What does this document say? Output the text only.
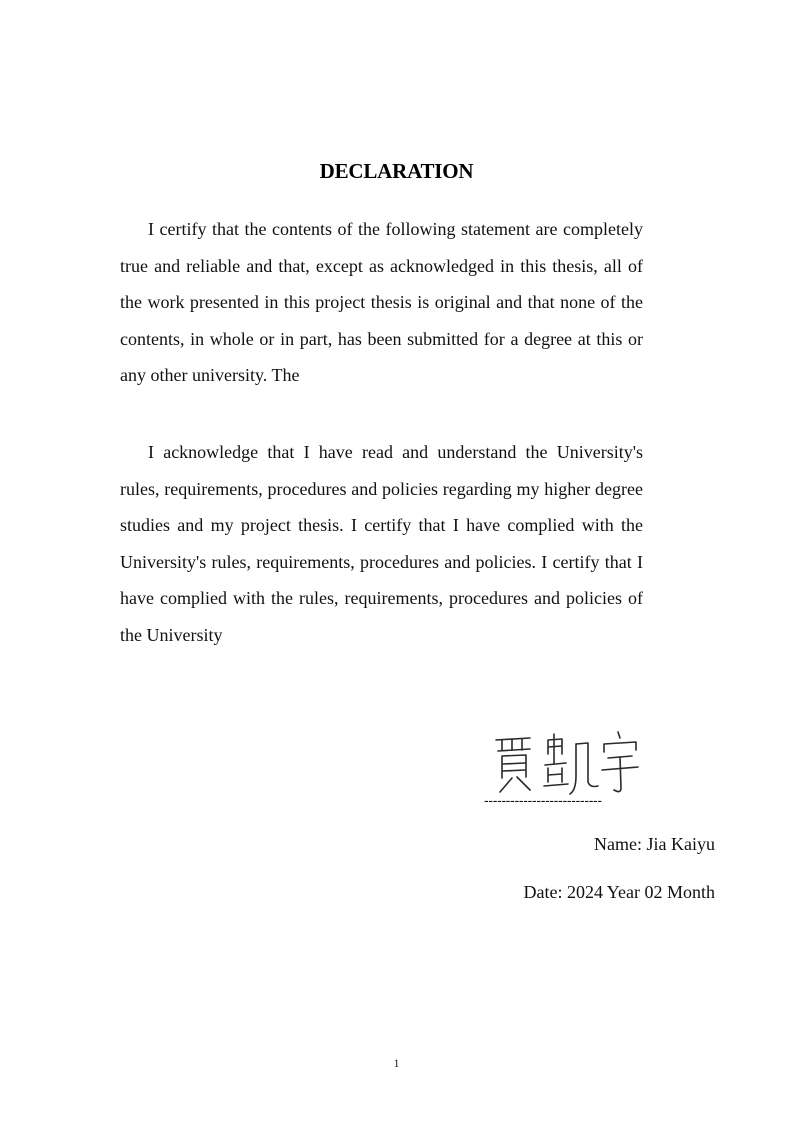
DECLARATION

I certify that the contents of the following statement are completely true and reliable and that, except as acknowledged in this thesis, all of the work presented in this project thesis is original and that none of the contents, in whole or in part, has been submitted for a degree at this or any other university. The

I acknowledge that I have read and understand the University's rules, requirements, procedures and policies regarding my higher degree studies and my project thesis. I certify that I have complied with the University's rules, requirements, procedures and policies. I certify that I have complied with the rules, requirements, procedures and policies of the University

---------------------------

Name: Jia Kaiyu

Date: 2024 Year 02 Month

1
